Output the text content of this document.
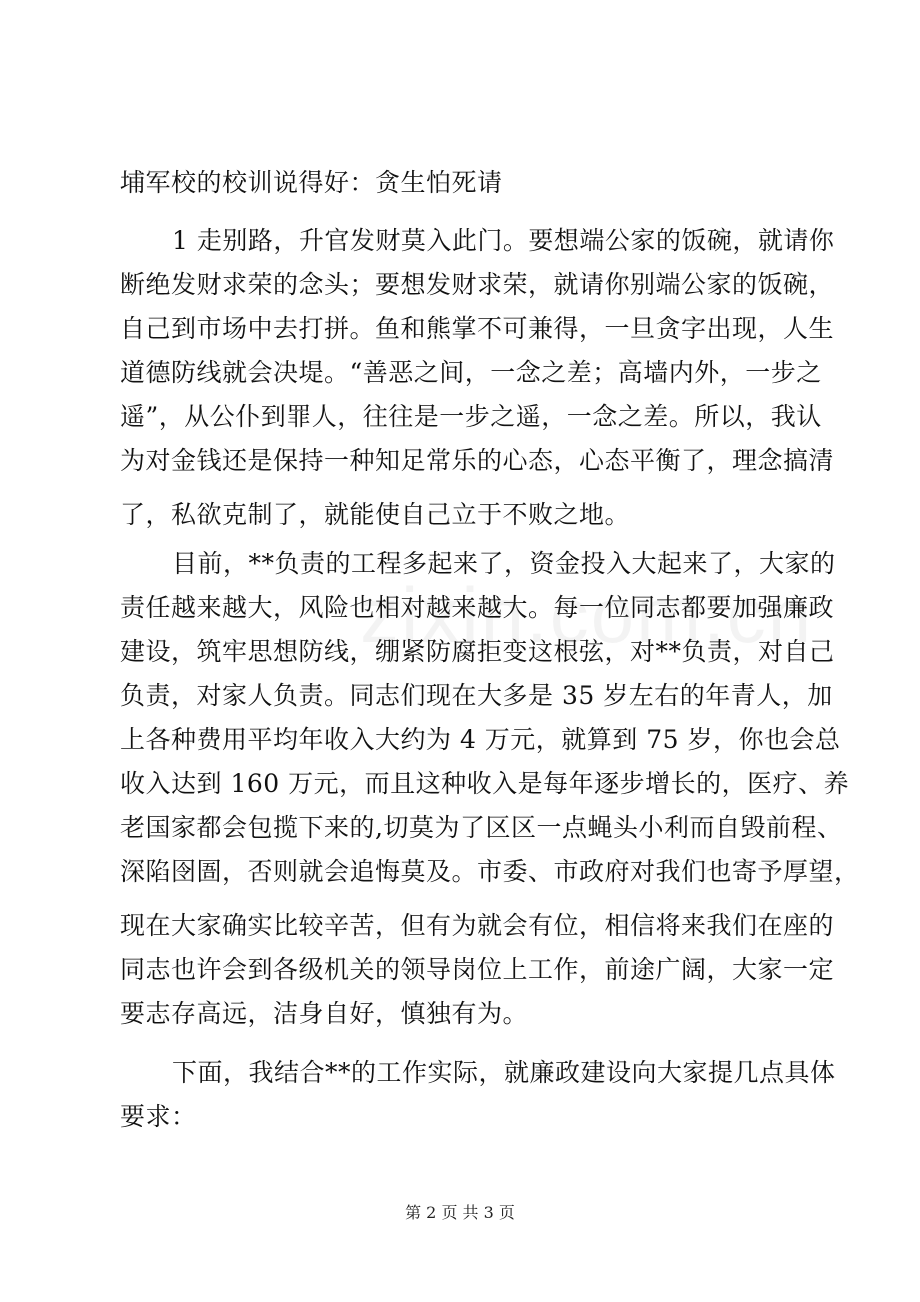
埔军校的校训说得好：贪生怕死请
1 走别路，升官发财莫入此门。要想端公家的饭碗，就请你
断绝发财求荣的念头；要想发财求荣，就请你别端公家的饭碗，
自己到市场中去打拼。鱼和熊掌不可兼得，一旦贪字出现，人生
道德防线就会决堤。“善恶之间，一念之差；高墙内外，一步之
遥”，从公仆到罪人，往往是一步之遥，一念之差。所以，我认
为对金钱还是保持一种知足常乐的心态，心态平衡了，理念搞清
了，私欲克制了，就能使自己立于不败之地。
目前，**负责的工程多起来了，资金投入大起来了，大家的
责任越来越大，风险也相对越来越大。每一位同志都要加强廉政
建设，筑牢思想防线，绷紧防腐拒变这根弦，对**负责，对自己
负责，对家人负责。同志们现在大多是 35 岁左右的年青人，加
上各种费用平均年收入大约为 4 万元，就算到 75 岁，你也会总
收入达到 160 万元，而且这种收入是每年逐步增长的，医疗、养
老国家都会包揽下来的,切莫为了区区一点蝇头小利而自毁前程、
深陷囹圄，否则就会追悔莫及。市委、市政府对我们也寄予厚望，
现在大家确实比较辛苦，但有为就会有位，相信将来我们在座的
同志也许会到各级机关的领导岗位上工作，前途广阔，大家一定
要志存高远，洁身自好，慎独有为。
下面，我结合**的工作实际，就廉政建设向大家提几点具体
要求：
第 2 页 共 3 页
